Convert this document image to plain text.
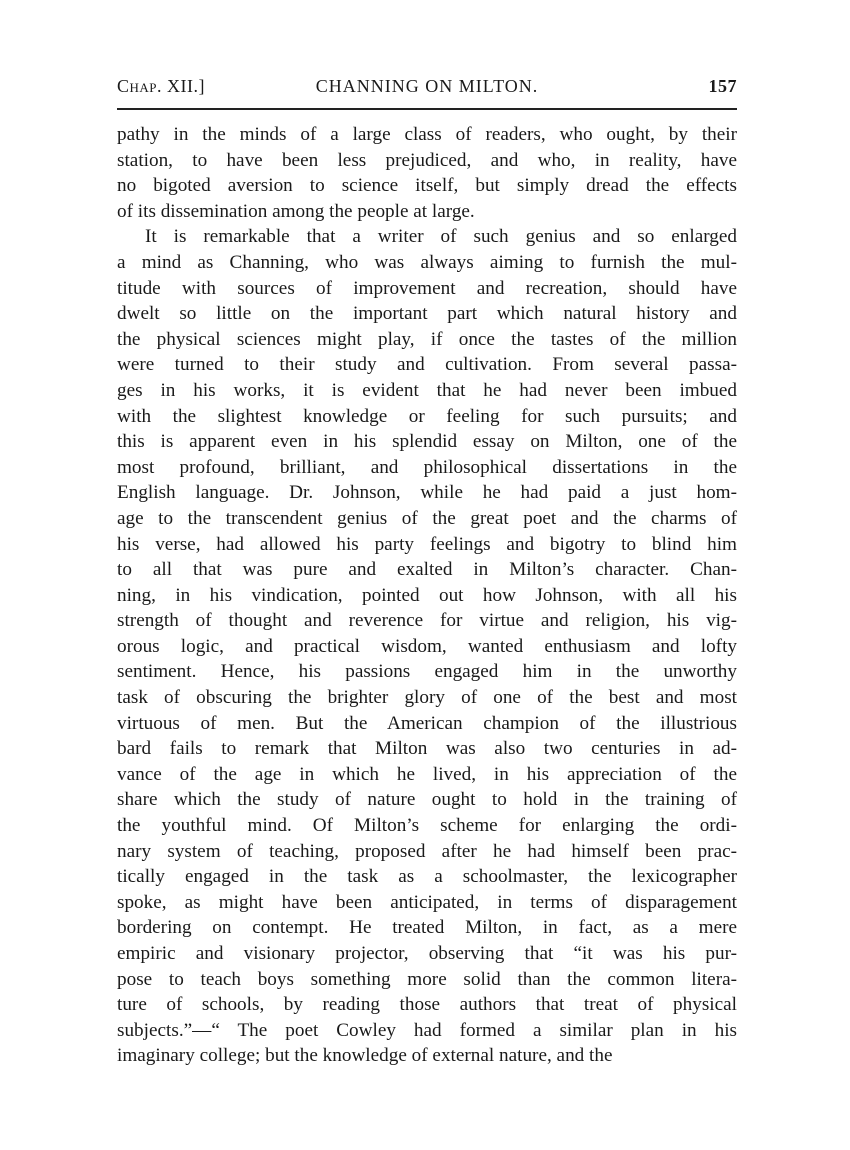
Chap. XII.]	CHANNING ON MILTON.	157

pathy in the minds of a large class of readers, who ought, by their
station, to have been less prejudiced, and who, in reality, have
no bigoted aversion to science itself, but simply dread the effects
of its dissemination among the people at large.

It is remarkable that a writer of such genius and so enlarged
a mind as Channing, who was always aiming to furnish the mul-
titude with sources of improvement and recreation, should have
dwelt so little on the important part which natural history and
the physical sciences might play, if once the tastes of the million
were turned to their study and cultivation. From several passa-
ges in his works, it is evident that he had never been imbued
with the slightest knowledge or feeling for such pursuits; and
this is apparent even in his splendid essay on Milton, one of the
most profound, brilliant, and philosophical dissertations in the
English language. Dr. Johnson, while he had paid a just hom-
age to the transcendent genius of the great poet and the charms of
his verse, had allowed his party feelings and bigotry to blind him
to all that was pure and exalted in Milton’s character. Chan-
ning, in his vindication, pointed out how Johnson, with all his
strength of thought and reverence for virtue and religion, his vig-
orous logic, and practical wisdom, wanted enthusiasm and lofty
sentiment. Hence, his passions engaged him in the unworthy
task of obscuring the brighter glory of one of the best and most
virtuous of men. But the American champion of the illustrious
bard fails to remark that Milton was also two centuries in ad-
vance of the age in which he lived, in his appreciation of the
share which the study of nature ought to hold in the training of
the youthful mind. Of Milton’s scheme for enlarging the ordi-
nary system of teaching, proposed after he had himself been prac-
tically engaged in the task as a schoolmaster, the lexicographer
spoke, as might have been anticipated, in terms of disparagement
bordering on contempt. He treated Milton, in fact, as a mere
empiric and visionary projector, observing that “it was his pur-
pose to teach boys something more solid than the common litera-
ture of schools, by reading those authors that treat of physical
subjects.”—“ The poet Cowley had formed a similar plan in his
imaginary college; but the knowledge of external nature, and the
